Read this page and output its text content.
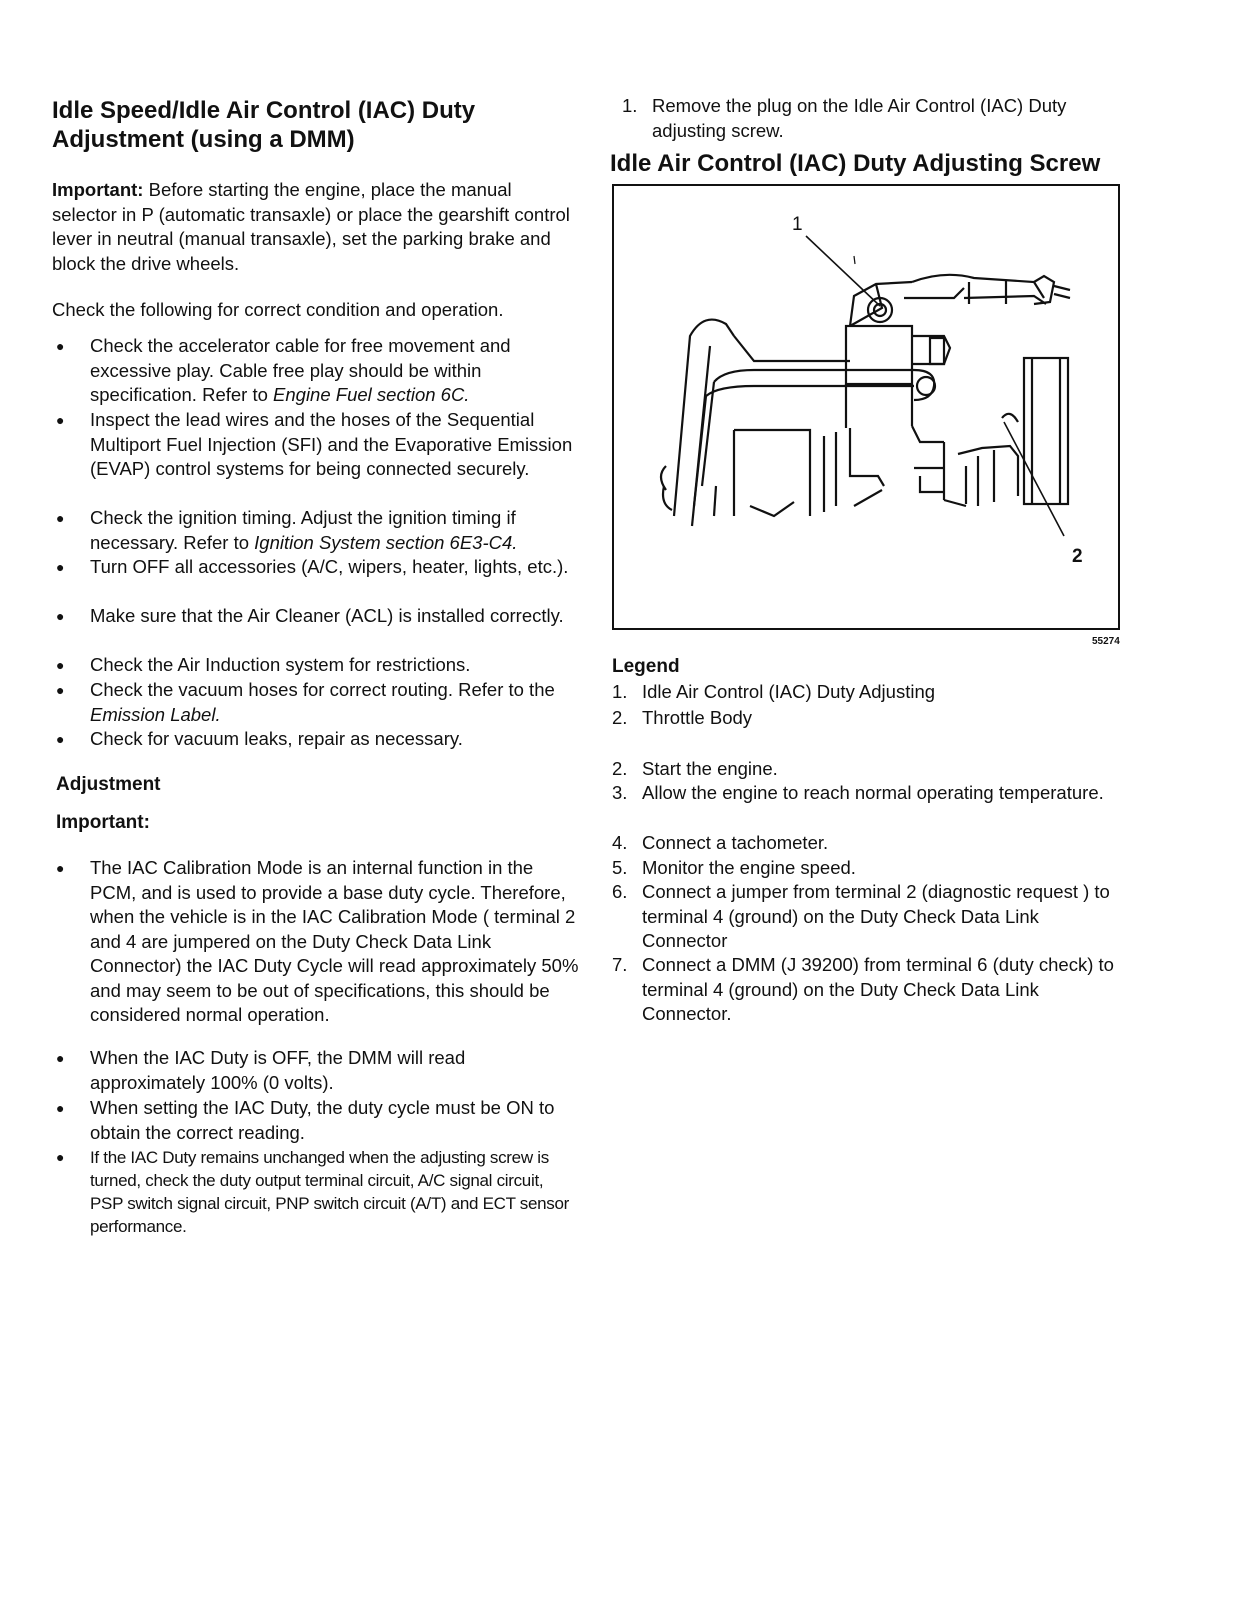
Idle Speed/Idle Air Control (IAC) Duty Adjustment (using a DMM)

Important: Before starting the engine, place the manual selector in P (automatic transaxle) or place the gearshift control lever in neutral (manual transaxle), set the parking brake and block the drive wheels.

Check the following for correct condition and operation.

● Check the accelerator cable for free movement and excessive play. Cable free play should be within specification. Refer to Engine Fuel section 6C.
● Inspect the lead wires and the hoses of the Sequential Multiport Fuel Injection (SFI) and the Evaporative Emission (EVAP) control systems for being connected securely.
● Check the ignition timing. Adjust the ignition timing if necessary. Refer to Ignition System section 6E3-C4.
● Turn OFF all accessories (A/C, wipers, heater, lights, etc.).
● Make sure that the Air Cleaner (ACL) is installed correctly.
● Check the Air Induction system for restrictions.
● Check the vacuum hoses for correct routing. Refer to the Emission Label.
● Check for vacuum leaks, repair as necessary.
Adjustment
Important:
● The IAC Calibration Mode is an internal function in the PCM, and is used to provide a base duty cycle. Therefore, when the vehicle is in the IAC Calibration Mode ( terminal 2 and 4 are jumpered on the Duty Check Data Link Connector) the IAC Duty Cycle will read approximately 50% and may seem to be out of specifications, this should be considered normal operation.
● When the IAC Duty is OFF, the DMM will read approximately 100% (0 volts).
● When setting the IAC Duty, the duty cycle must be ON to obtain the correct reading.
● If the IAC Duty remains unchanged when the adjusting screw is turned, check the duty output terminal circuit, A/C signal circuit, PSP switch signal circuit, PNP switch circuit (A/T) and ECT sensor performance.
1. Remove the plug on the Idle Air Control (IAC) Duty adjusting screw.
Idle Air Control (IAC) Duty Adjusting Screw
1
2
55274
Legend
1. Idle Air Control (IAC) Duty Adjusting
2. Throttle Body
2. Start the engine.
3. Allow the engine to reach normal operating temperature.
4. Connect a tachometer.
5. Monitor the engine speed.
6. Connect a jumper from terminal 2 (diagnostic request ) to terminal 4 (ground) on the Duty Check Data Link Connector
7. Connect a DMM (J 39200) from terminal 6 (duty check) to terminal 4 (ground) on the Duty Check Data Link Connector.
